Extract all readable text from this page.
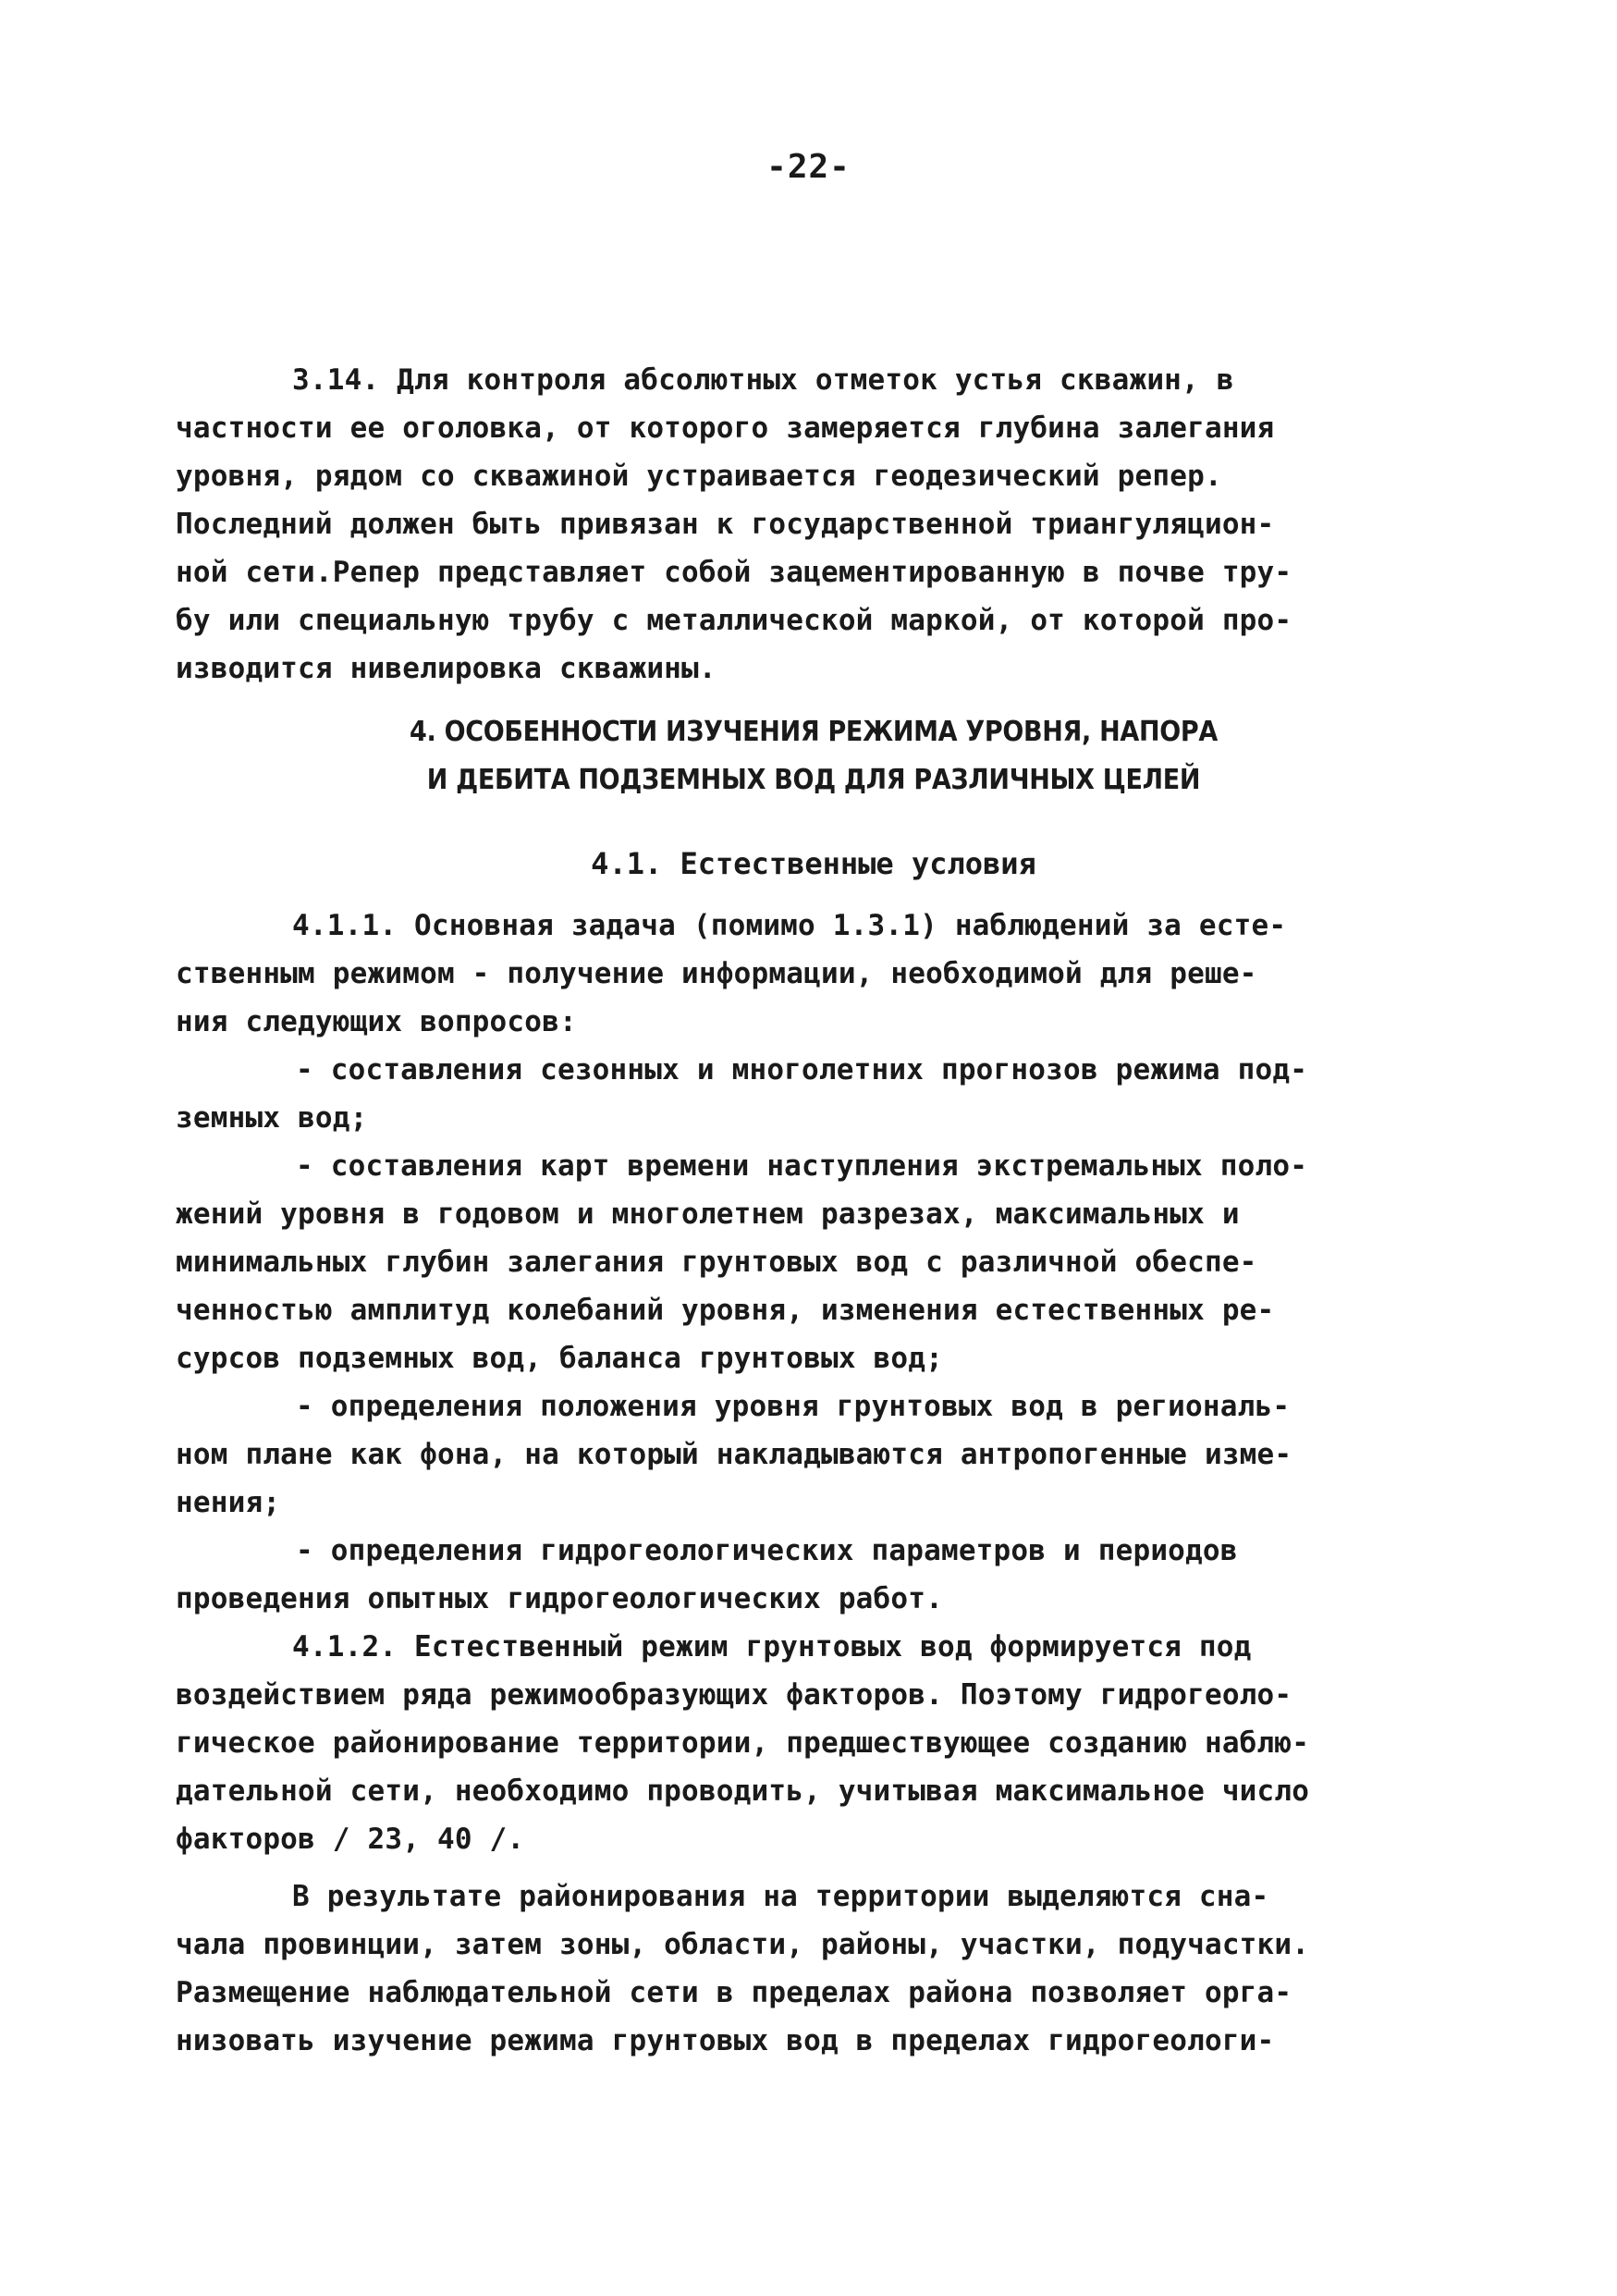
-22-
3.14. Для контроля абсолютных отметок устья скважин, в
частности ее оголовка, от которого замеряется глубина залегания
уровня, рядом со скважиной устраивается геодезический репер.
Последний должен быть привязан к государственной триангуляцион-
ной сети.Репер представляет собой зацементированную в почве тру-
бу или специальную трубу с металлической маркой, от которой про-
изводится нивелировка скважины.
4. ОСОБЕННОСТИ ИЗУЧЕНИЯ РЕЖИМА УРОВНЯ, НАПОРА
И ДЕБИТА ПОДЗЕМНЫХ ВОД ДЛЯ РАЗЛИЧНЫХ ЦЕЛЕЙ
4.1. Естественные условия
4.1.1. Основная задача (помимо 1.3.1) наблюдений за есте-
ственным режимом - получение информации, необходимой для реше-
ния следующих вопросов:
- составления сезонных и многолетних прогнозов режима под-
земных вод;
- составления карт времени наступления экстремальных поло-
жений уровня в годовом и многолетнем разрезах, максимальных и
минимальных глубин залегания грунтовых вод с различной обеспе-
ченностью амплитуд колебаний уровня, изменения естественных ре-
сурсов подземных вод, баланса грунтовых вод;
- определения положения уровня грунтовых вод в региональ-
ном плане как фона, на который накладываются антропогенные изме-
нения;
- определения гидрогеологических параметров и периодов
проведения опытных гидрогеологических работ.
4.1.2. Естественный режим грунтовых вод формируется под
воздействием ряда режимообразующих факторов. Поэтому гидрогеоло-
гическое районирование территории, предшествующее созданию наблю-
дательной сети, необходимо проводить, учитывая максимальное число
факторов / 23, 40 /.
В результате районирования на территории выделяются сна-
чала провинции, затем зоны, области, районы, участки, подучастки.
Размещение наблюдательной сети в пределах района позволяет орга-
низовать изучение режима грунтовых вод в пределах гидрогеологи-
